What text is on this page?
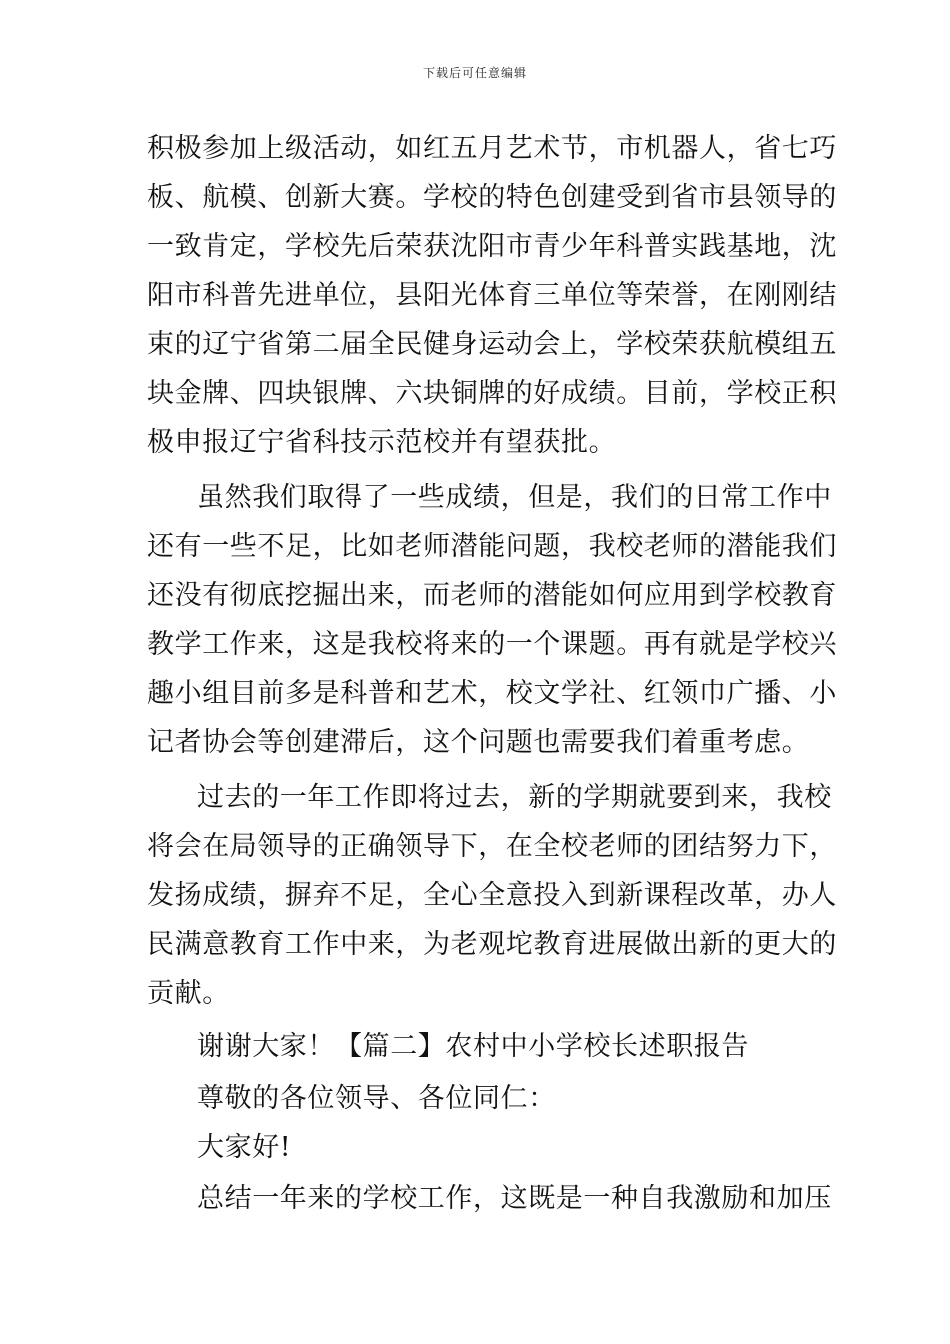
下载后可任意编辑
积极参加上级活动，如红五月艺术节，市机器人，省七巧
板、航模、创新大赛。学校的特色创建受到省市县领导的
一致肯定，学校先后荣获沈阳市青少年科普实践基地，沈
阳市科普先进单位，县阳光体育三单位等荣誉，在刚刚结
束的辽宁省第二届全民健身运动会上，学校荣获航模组五
块金牌、四块银牌、六块铜牌的好成绩。目前，学校正积
极申报辽宁省科技示范校并有望获批。
虽然我们取得了一些成绩，但是，我们的日常工作中
还有一些不足，比如老师潜能问题，我校老师的潜能我们
还没有彻底挖掘出来，而老师的潜能如何应用到学校教育
教学工作来，这是我校将来的一个课题。再有就是学校兴
趣小组目前多是科普和艺术，校文学社、红领巾广播、小
记者协会等创建滞后，这个问题也需要我们着重考虑。
过去的一年工作即将过去，新的学期就要到来，我校
将会在局领导的正确领导下，在全校老师的团结努力下，
发扬成绩，摒弃不足，全心全意投入到新课程改革，办人
民满意教育工作中来，为老观坨教育进展做出新的更大的
贡献。
谢谢大家！【篇二】农村中小学校长述职报告
尊敬的各位领导、各位同仁：
大家好!
总结一年来的学校工作，这既是一种自我激励和加压
